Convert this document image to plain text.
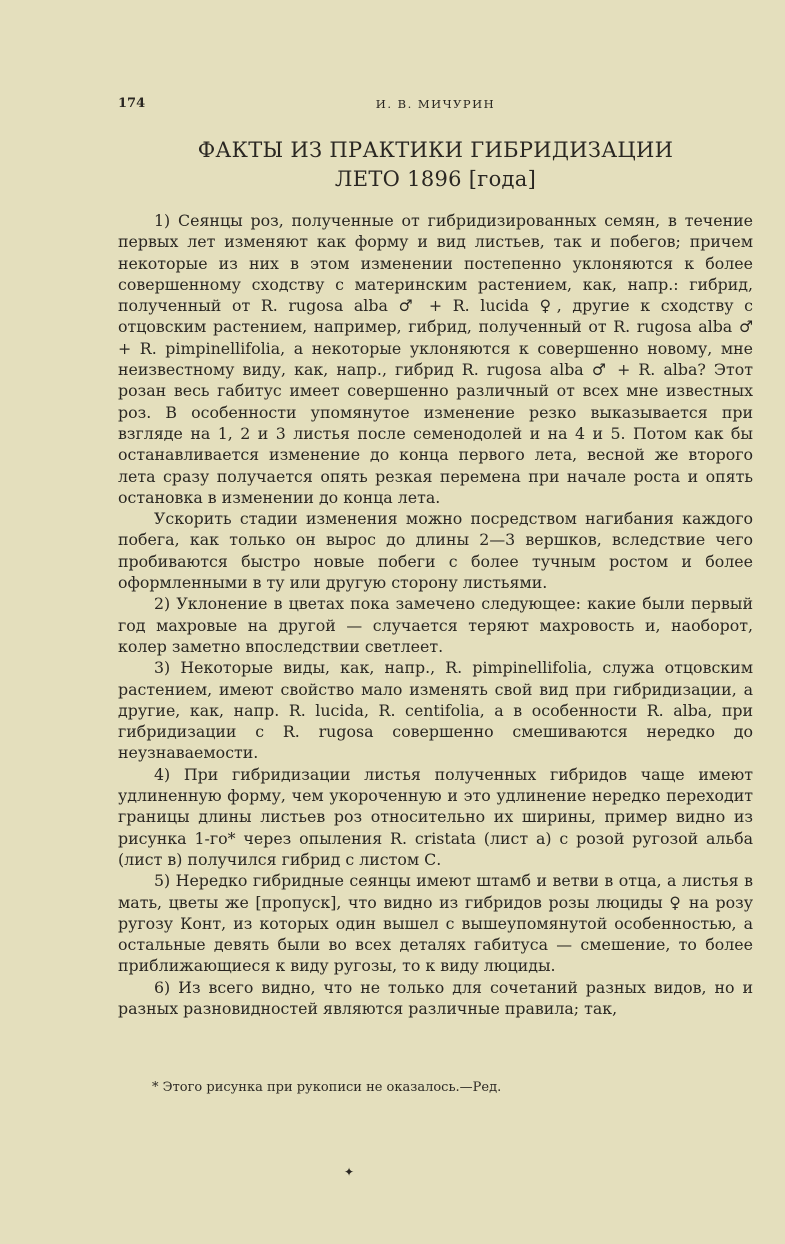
174	И. В. МИЧУРИН
ФАКТЫ ИЗ ПРАКТИКИ ГИБРИДИЗАЦИИ
ЛЕТО 1896 [года]

1) Сеянцы роз, полученные от гибридизированных семян, в течение первых лет изменяют как форму и вид листьев, так и побегов; причем некоторые из них в этом изменении постепенно уклоняются к более совершенному сходству с материнским растением, как, напр.: гибрид, полученный от R. rugosa alba ♂ + R. lucida ♀, другие к сходству с отцовским растением, например, гибрид, полученный от R. rugosa alba ♂ + R. pimpinellifolia, а некоторые уклоняются к совершенно новому, мне неизвестному виду, как, напр., гибрид R. rugosa alba ♂ + R. alba? Этот розан весь габитус имеет совершенно различный от всех мне известных роз. В особенности упомянутое изменение резко выказывается при взгляде на 1, 2 и 3 листья после семенодолей и на 4 и 5. Потом как бы останавливается изменение до конца первого лета, весной же второго лета сразу получается опять резкая перемена при начале роста и опять остановка в изменении до конца лета.

Ускорить стадии изменения можно посредством нагибания каждого побега, как только он вырос до длины 2—3 вершков, вследствие чего пробиваются быстро новые побеги с более тучным ростом и более оформленными в ту или другую сторону листьями.

2) Уклонение в цветах пока замечено следующее: какие были первый год махровые на другой — случается теряют махровость и, наоборот, колер заметно впоследствии светлеет.

3) Некоторые виды, как, напр., R. pimpinellifolia, служа отцовским растением, имеют свойство мало изменять свой вид при гибридизации, а другие, как, напр. R. lucida, R. centifolia, а в особенности R. alba, при гибридизации с R. rugosa совершенно смешиваются нередко до неузнаваемости.

4) При гибридизации листья полученных гибридов чаще имеют удлиненную форму, чем укороченную и это удлинение нередко переходит границы длины листьев роз относительно их ширины, пример видно из рисунка 1-го* через опыления R. cristata (лист а) с розой ругозой альба (лист в) получился гибрид с листом С.

5) Нередко гибридные сеянцы имеют штамб и ветви в отца, а листья в мать, цветы же [пропуск], что видно из гибридов розы люциды ♀ на розу ругозу Конт, из которых один вышел с вышеупомянутой особенностью, а остальные девять были во всех деталях габитуса — смешение, то более приближающиеся к виду ругозы, то к виду люциды.

6) Из всего видно, что не только для сочетаний разных видов, но и разных разновидностей являются различные правила; так,

* Этого рисунка при рукописи не оказалось.—Ред.
✦
